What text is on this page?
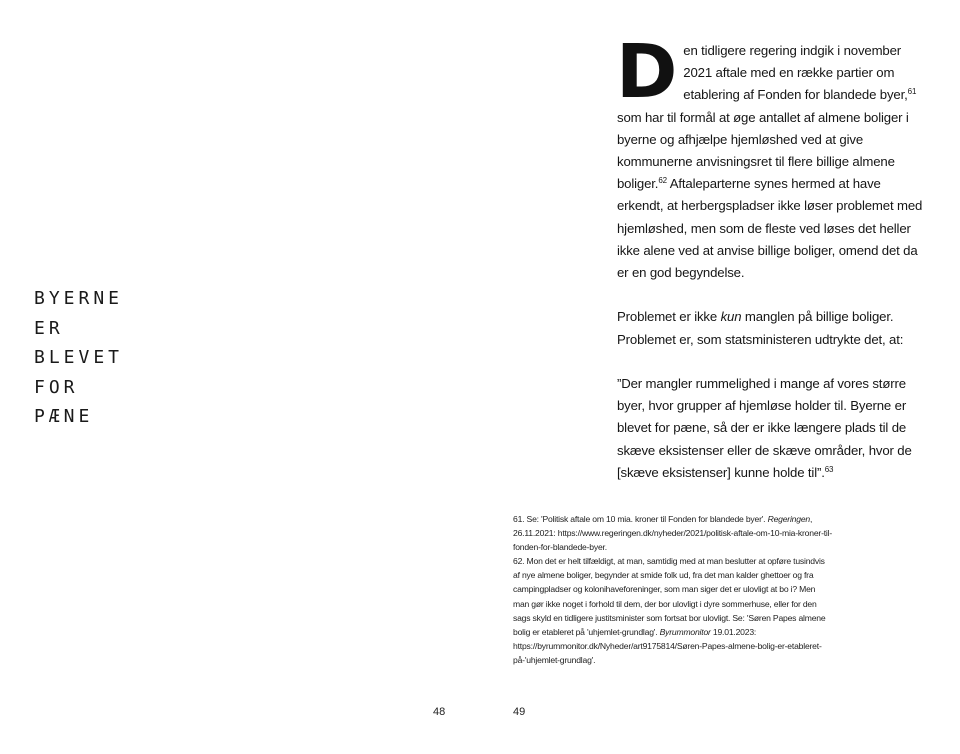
BYERNE
ER
BLEVET
FOR
PÆNE
48

Den tidligere regering indgik i november 2021 aftale med en række partier om etablering af Fonden for blandede byer,$^{61}$ som har til formål at øge antallet af almene boliger i byerne og afhjælpe hjemløshed ved at give kommunerne anvisningsret til flere billige almene boliger.$^{62}$ Aftaleparterne synes hermed at have erkendt, at herbergspladser ikke løser problemet med hjemløshed, men som de fleste ved løses det heller ikke alene ved at anvise billige boliger, omend det da er en god begyndelse.

Problemet er ikke kun manglen på billige boliger. Problemet er, som statsministeren udtrykte det, at:

”Der mangler rummelighed i mange af vores større byer, hvor grupper af hjemløse holder til. Byerne er blevet for pæne, så der er ikke længere plads til de skæve eksistenser eller de skæve områder, hvor de [skæve eksistenser] kunne holde til”.$^{63}$

61. Se: 'Politisk aftale om 10 mia. kroner til Fonden for blandede byer'. Regeringen, 26.11.2021: https://www.regeringen.dk/nyheder/2021/politisk-aftale-om-10-mia-kroner-til-fonden-for-blandede-byer.

62. Mon det er helt tilfældigt, at man, samtidig med at man beslutter at opføre tusindvis af nye almene boliger, begynder at smide folk ud, fra det man kalder ghettoer og fra campingpladser og kolonihaveforeninger, som man siger det er ulovligt at bo i? Men man gør ikke noget i forhold til dem, der bor ulovligt i dyre sommerhuse, eller for den sags skyld en tidligere justitsminister som fortsat bor ulovligt. Se: 'Søren Papes almene bolig er etableret på 'uhjemlet-grundlag'. Byrummonitor 19.01.2023: https://byrummonitor.dk/Nyheder/art9175814/Søren-Papes-almene-bolig-er-etableret-på-'uhjemlet-grundlag'.

49
